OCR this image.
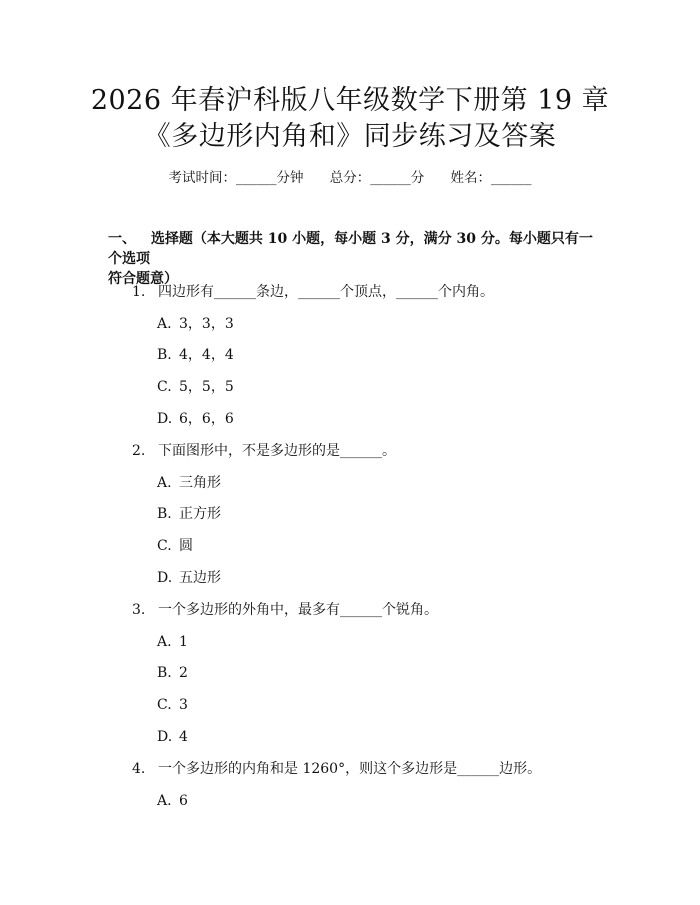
2026 年春沪科版八年级数学下册第 19 章
《多边形内角和》同步练习及答案
考试时间：______分钟 总分：______分 姓名：______
一、 选择题（本大题共 10 小题，每小题 3 分，满分 30 分。每小题只有一个选项
符合题意）
1. 四边形有______条边，______个顶点，______个内角。
A. 3，3，3
B. 4，4，4
C. 5，5，5
D. 6，6，6
2. 下面图形中，不是多边形的是______。
A. 三角形
B. 正方形
C. 圆
D. 五边形
3. 一个多边形的外角中，最多有______个锐角。
A. 1
B. 2
C. 3
D. 4
4. 一个多边形的内角和是 1260°，则这个多边形是______边形。
A. 6
